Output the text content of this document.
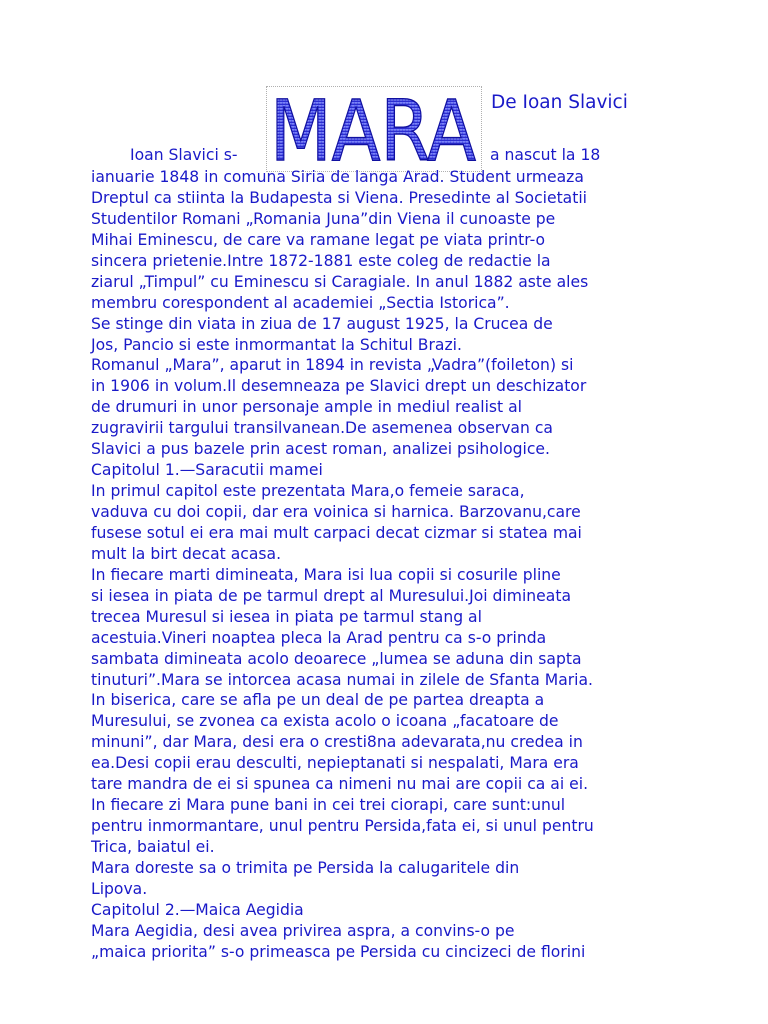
MARA De Ioan Slavici
Ioan Slavici s-	a nascut la 18
ianuarie 1848 in comuna Siria de langa Arad. Student urmeaza
Dreptul ca stiinta la Budapesta si Viena. Presedinte al Societatii
Studentilor Romani „Romania Juna”din Viena il cunoaste pe
Mihai Eminescu, de care va ramane legat pe viata printr-o
sincera prietenie.Intre 1872-1881 este coleg de redactie la
ziarul „Timpul” cu Eminescu si Caragiale. In anul 1882 aste ales
membru corespondent al academiei „Sectia Istorica”.
Se stinge din viata in ziua de 17 august 1925, la Crucea de
Jos, Pancio si este inmormantat la Schitul Brazi.
Romanul „Mara”, aparut in 1894 in revista „Vadra”(foileton) si
in 1906 in volum.Il desemneaza pe Slavici drept un deschizator
de drumuri in unor personaje ample in mediul realist al
zugravirii targului transilvanean.De asemenea observan ca
Slavici a pus bazele prin acest roman, analizei psihologice.
Capitolul 1.—Saracutii mamei
In primul capitol este prezentata Mara,o femeie saraca,
vaduva cu doi copii, dar era voinica si harnica. Barzovanu,care
fusese sotul ei era mai mult carpaci decat cizmar si statea mai
mult la birt decat acasa.
In fiecare marti dimineata, Mara isi lua copii si cosurile pline
si iesea in piata de pe tarmul drept al Muresului.Joi dimineata
trecea Muresul si iesea in piata pe tarmul stang al
acestuia.Vineri noaptea pleca la Arad pentru ca s-o prinda
sambata dimineata acolo deoarece „lumea se aduna din sapta
tinuturi”.Mara se intorcea acasa numai in zilele de Sfanta Maria.
In biserica, care se afla pe un deal de pe partea dreapta a
Muresului, se zvonea ca exista acolo o icoana „facatoare de
minuni”, dar Mara, desi era o cresti8na adevarata,nu credea in
ea.Desi copii erau desculti, nepieptanati si nespalati, Mara era
tare mandra de ei si spunea ca nimeni nu mai are copii ca ai ei.
In fiecare zi Mara pune bani in cei trei ciorapi, care sunt:unul
pentru inmormantare, unul pentru Persida,fata ei, si unul pentru
Trica, baiatul ei.
Mara doreste sa o trimita pe Persida la calugaritele din
Lipova.
Capitolul 2.—Maica Aegidia
Mara Aegidia, desi avea privirea aspra, a convins-o pe
„maica priorita” s-o primeasca pe Persida cu cincizeci de florini
